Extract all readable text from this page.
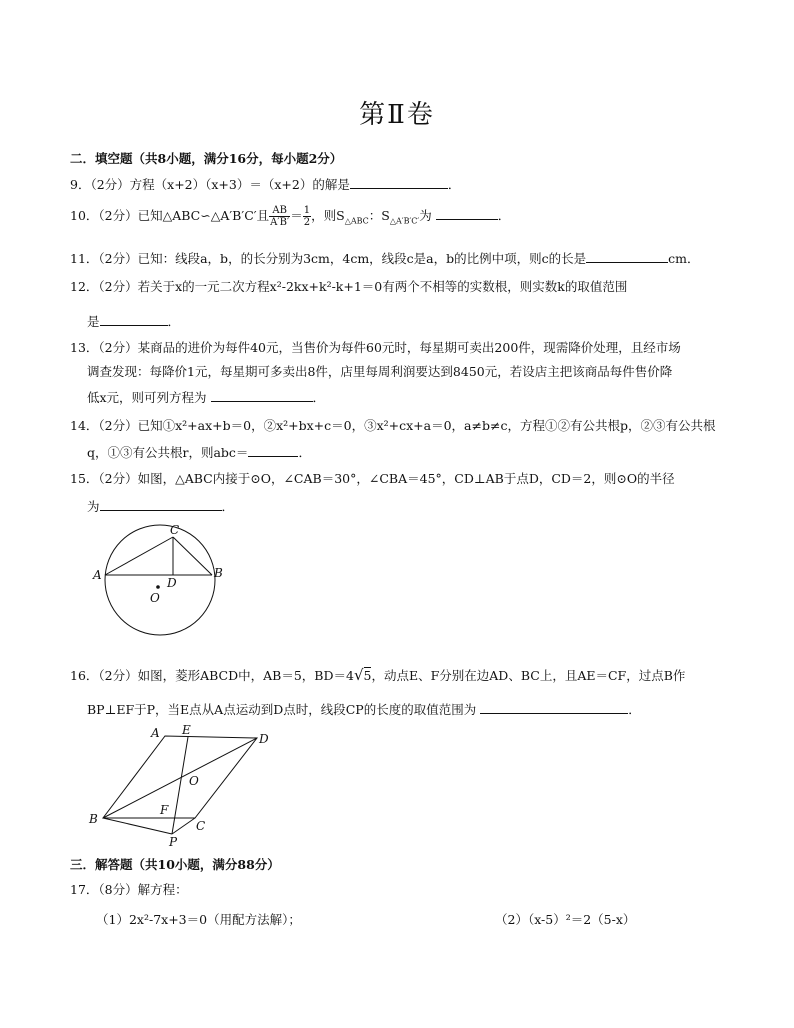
第Ⅱ卷
二．填空题（共8小题，满分16分，每小题2分）
9．（2分）方程（x+2）（x+3）＝（x+2）的解是	．
10．（2分）已知△ABC∽△A′B′C′且 $\frac{AB}{A'B'} = \frac{1}{2}$ ，则$S_{\triangle ABC}$：$S_{\triangle A'B'C'}$为	．
11．（2分）已知：线段a，b，的长分别为3cm，4cm，线段c是a，b的比例中项，则c的长是	cm．
12．（2分）若关于x的一元二次方程x²-2kx+k²-k+1＝0有两个不相等的实数根，则实数k的取值范围
是	．
13．（2分）某商品的进价为每件40元，当售价为每件60元时，每星期可卖出200件，现需降价处理，且经市场
调查发现：每降价1元，每星期可多卖出8件，店里每周利润要达到8450元，若设店主把该商品每件售价降
低x元，则可列方程为	．
14．（2分）已知①x²+ax+b＝0，②x²+bx+c＝0，③x²+cx+a＝0，a≠b≠c，方程①②有公共根p，②③有公共根
q，①③有公共根r，则abc＝	．
15．（2分）如图，△ABC内接于⊙O，∠CAB＝30°，∠CBA＝45°，CD⊥AB于点D，CD＝2，则⊙O的半径
为	．
A	B
C
D
O
16．（2分）如图，菱形ABCD中，AB＝5，BD＝4√5，动点E、F分别在边AD、BC上，且AE＝CF，过点B作
BP⊥EF于P，当E点从A点运动到D点时，线段CP的长度的取值范围为	．
A E
D
O
F
B	C
P
三．解答题（共10小题，满分88分）
17．（8分）解方程：
（1）2x²-7x+3＝0（用配方法解）；	（2）（x-5）²＝2（5-x）
